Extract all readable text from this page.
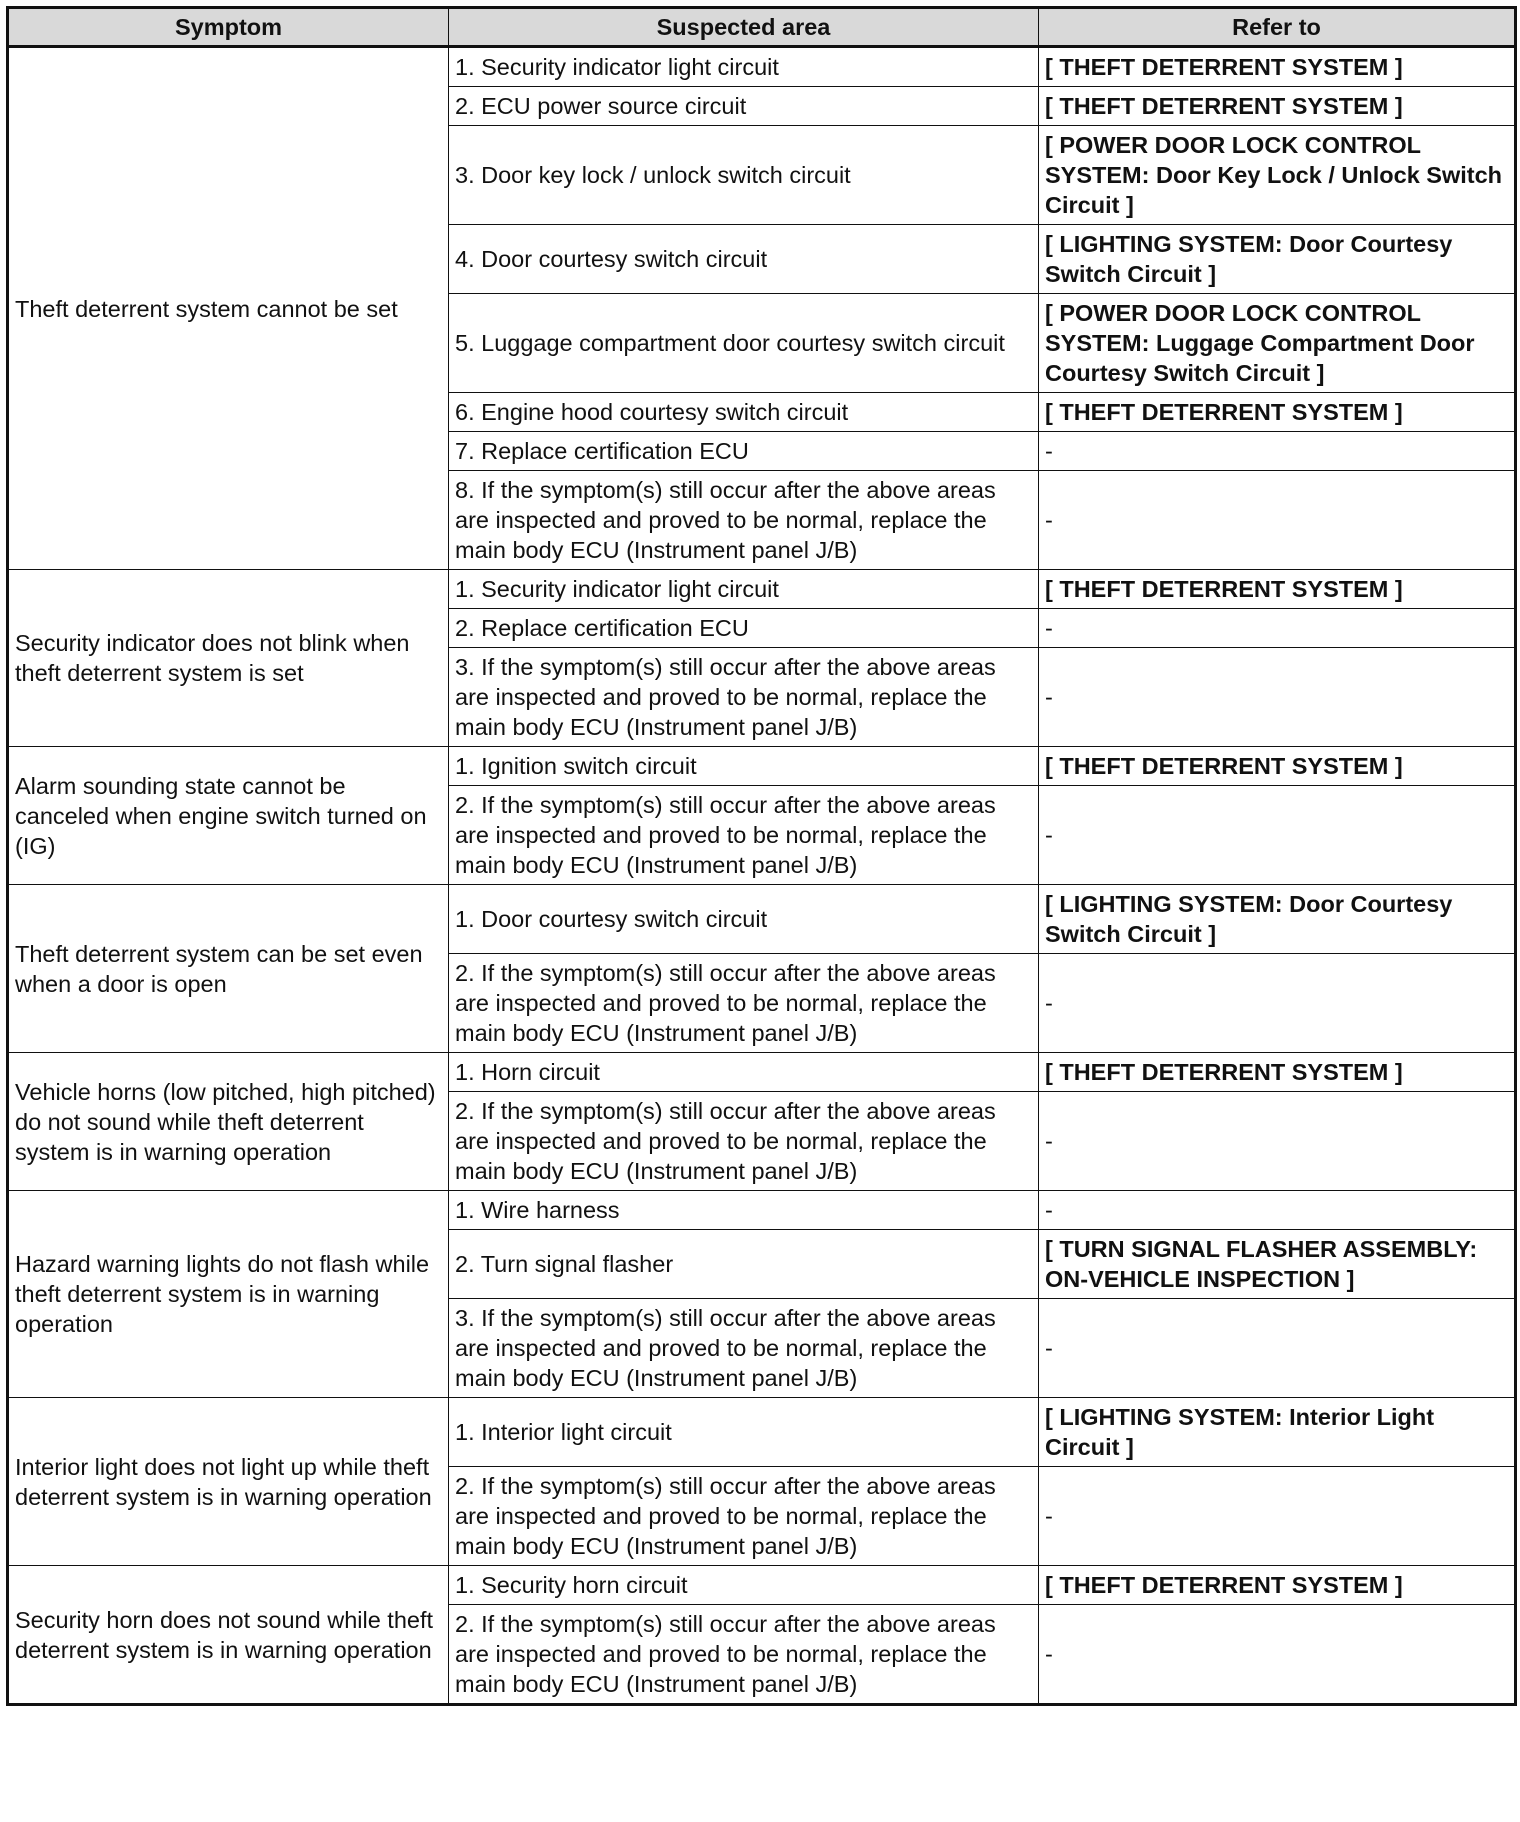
Symptom	Suspected area	Refer to
Theft deterrent system cannot be set	1. Security indicator light circuit	[ THEFT DETERRENT SYSTEM ]
	2. ECU power source circuit	[ THEFT DETERRENT SYSTEM ]
	3. Door key lock / unlock switch circuit	[ POWER DOOR LOCK CONTROL SYSTEM: Door Key Lock / Unlock Switch Circuit ]
	4. Door courtesy switch circuit	[ LIGHTING SYSTEM: Door Courtesy Switch Circuit ]
	5. Luggage compartment door courtesy switch circuit	[ POWER DOOR LOCK CONTROL SYSTEM: Luggage Compartment Door Courtesy Switch Circuit ]
	6. Engine hood courtesy switch circuit	[ THEFT DETERRENT SYSTEM ]
	7. Replace certification ECU	-
	8. If the symptom(s) still occur after the above areas are inspected and proved to be normal, replace the main body ECU (Instrument panel J/B)	-
Security indicator does not blink when theft deterrent system is set	1. Security indicator light circuit	[ THEFT DETERRENT SYSTEM ]
	2. Replace certification ECU	-
	3. If the symptom(s) still occur after the above areas are inspected and proved to be normal, replace the main body ECU (Instrument panel J/B)	-
Alarm sounding state cannot be canceled when engine switch turned on (IG)	1. Ignition switch circuit	[ THEFT DETERRENT SYSTEM ]
	2. If the symptom(s) still occur after the above areas are inspected and proved to be normal, replace the main body ECU (Instrument panel J/B)	-
Theft deterrent system can be set even when a door is open	1. Door courtesy switch circuit	[ LIGHTING SYSTEM: Door Courtesy Switch Circuit ]
	2. If the symptom(s) still occur after the above areas are inspected and proved to be normal, replace the main body ECU (Instrument panel J/B)	-
Vehicle horns (low pitched, high pitched) do not sound while theft deterrent system is in warning operation	1. Horn circuit	[ THEFT DETERRENT SYSTEM ]
	2. If the symptom(s) still occur after the above areas are inspected and proved to be normal, replace the main body ECU (Instrument panel J/B)	-
Hazard warning lights do not flash while theft deterrent system is in warning operation	1. Wire harness	-
	2. Turn signal flasher	[ TURN SIGNAL FLASHER ASSEMBLY: ON-VEHICLE INSPECTION ]
	3. If the symptom(s) still occur after the above areas are inspected and proved to be normal, replace the main body ECU (Instrument panel J/B)	-
Interior light does not light up while theft deterrent system is in warning operation	1. Interior light circuit	[ LIGHTING SYSTEM: Interior Light Circuit ]
	2. If the symptom(s) still occur after the above areas are inspected and proved to be normal, replace the main body ECU (Instrument panel J/B)	-
Security horn does not sound while theft deterrent system is in warning operation	1. Security horn circuit	[ THEFT DETERRENT SYSTEM ]
	2. If the symptom(s) still occur after the above areas are inspected and proved to be normal, replace the main body ECU (Instrument panel J/B)	-
